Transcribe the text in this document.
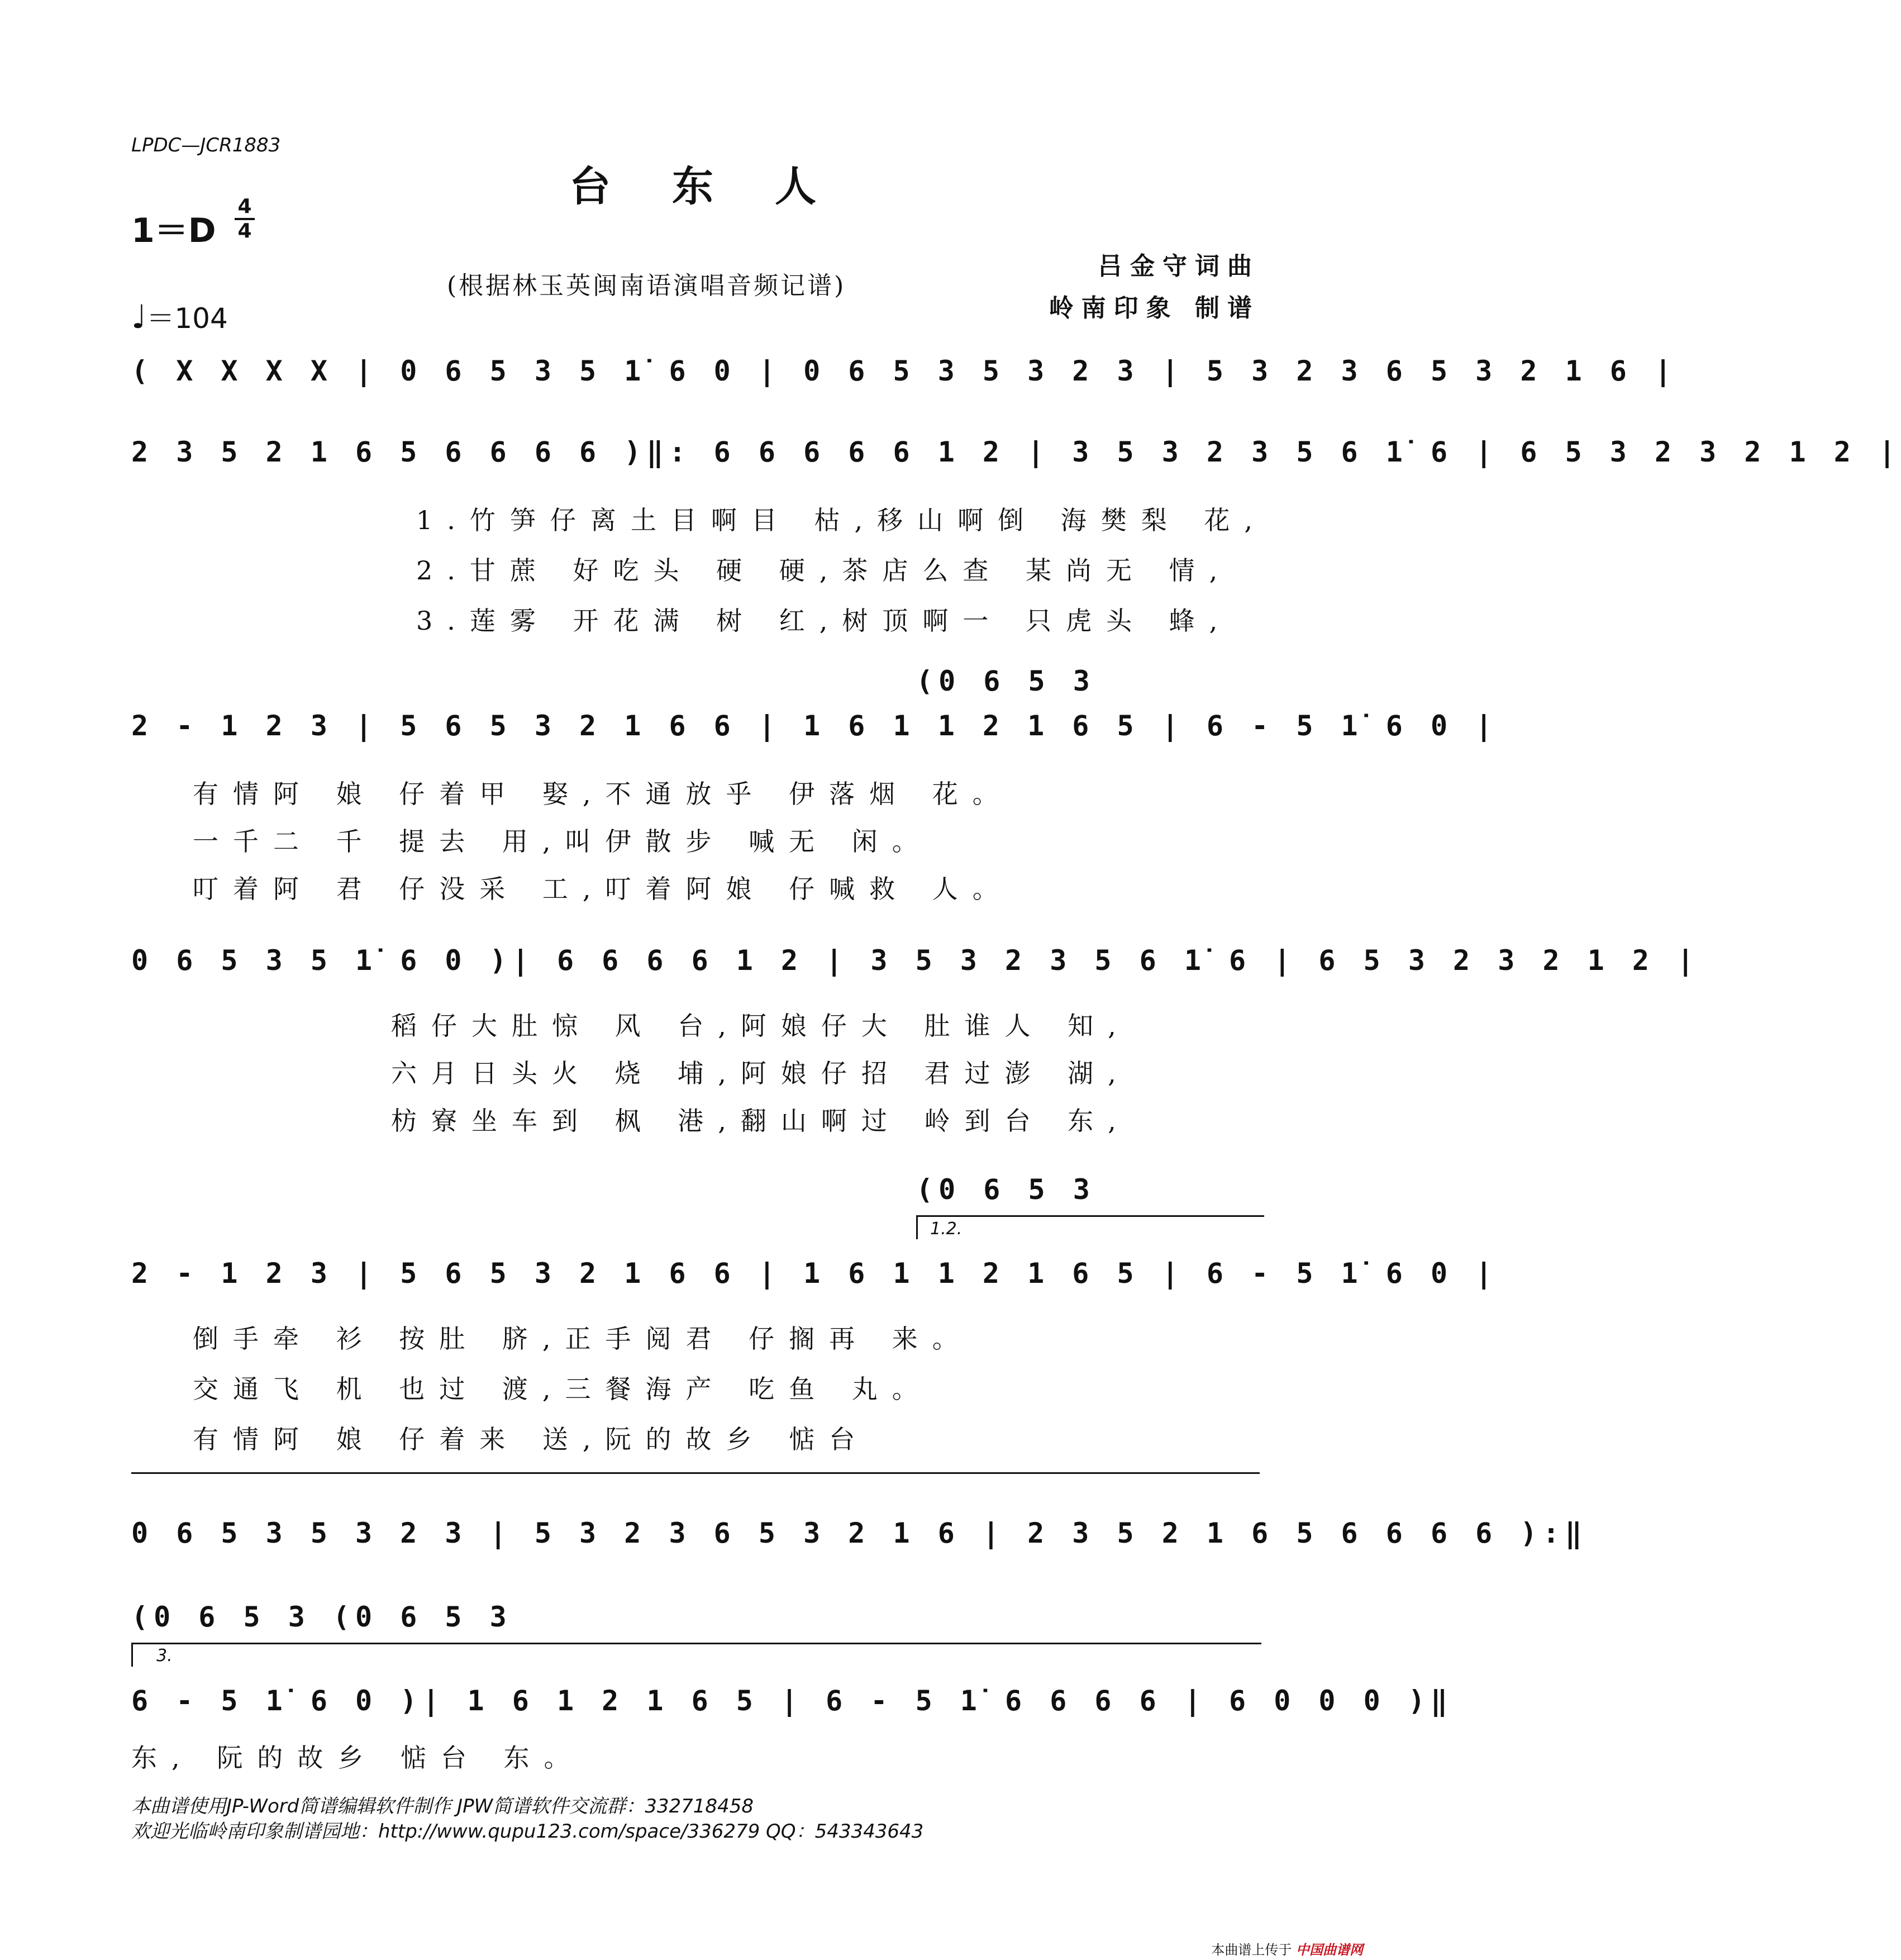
LPDC—JCR1883
台东人
1＝D
4
4
♩＝104
(根据林玉英闽南语演唱音频记谱)
吕金守词曲
岭南印象 制谱
( X X X X | 0 6 5 3 5 1̇ 6 0 | 0 6 5 3 5 3 2 3 | 5 3 2 3 6 5 3 2 1 6 |
2 3 5 2 1 6 5 6 6 6 6 )‖: 6 6 6 6 6 1 2 | 3 5 3 2 3 5 6 1̇ 6 | 6 5 3 2 3 2 1 2 |
1.竹笋仔离土目啊目 枯,移山啊倒 海樊梨 花,
2.甘蔗 好吃头 硬 硬,茶店么查 某尚无 情,
3.莲雾 开花满 树 红,树顶啊一 只虎头 蜂,
(0 6 5 3
2 - 1 2 3 | 5 6 5 3 2 1 6 6 | 1 6 1 1 2 1 6 5 | 6 - 5 1̇ 6 0 |
有情阿 娘 仔着甲 娶,不通放乎 伊落烟 花。
一千二 千 提去 用,叫伊散步 喊无 闲。
叮着阿 君 仔没采 工,叮着阿娘 仔喊救 人。
0 6 5 3 5 1̇ 6 0 )| 6 6 6 6 1 2 | 3 5 3 2 3 5 6 1̇ 6 | 6 5 3 2 3 2 1 2 |
稻仔大肚惊 风 台,阿娘仔大 肚谁人 知,
六月日头火 烧 埔,阿娘仔招 君过澎 湖,
枋寮坐车到 枫 港,翻山啊过 岭到台 东,
(0 6 5 3
1.2.
2 - 1 2 3 | 5 6 5 3 2 1 6 6 | 1 6 1 1 2 1 6 5 | 6 - 5 1̇ 6 0 |
倒手牵 衫 按肚 脐,正手阅君 仔搁再 来。
交通飞 机 也过 渡,三餐海产 吃鱼 丸。
有情阿 娘 仔着来 送,阮的故乡 惦台
0 6 5 3 5 3 2 3 | 5 3 2 3 6 5 3 2 1 6 | 2 3 5 2 1 6 5 6 6 6 6 ):‖
(0 6 5 3 (0 6 5 3
3.
6 - 5 1̇ 6 0 )| 1 6 1 2 1 6 5 | 6 - 5 1̇ 6 6 6 6 | 6 0 0 0 )‖
东, 阮的故乡 惦台 东。
本曲谱使用JP-Word简谱编辑软件制作 JPW简谱软件交流群：332718458
欢迎光临岭南印象制谱园地：http://www.qupu123.com/space/336279 QQ：543343643
本曲谱上传于 中国曲谱网
